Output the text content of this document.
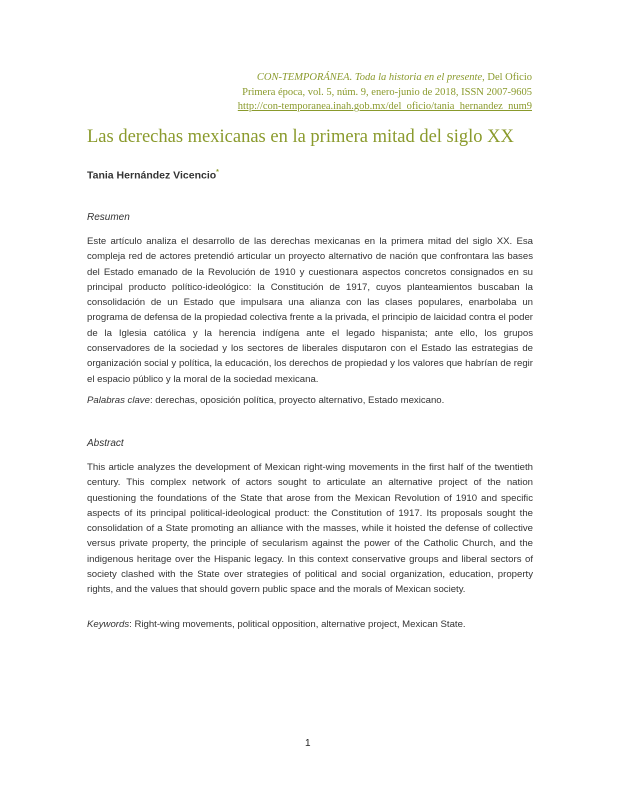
CON-TEMPORÁNEA. Toda la historia en el presente, Del Oficio
Primera época, vol. 5, núm. 9, enero-junio de 2018, ISSN 2007-9605
http://con-temporanea.inah.gob.mx/del_oficio/tania_hernandez_num9
Las derechas mexicanas en la primera mitad del siglo XX
Tania Hernández Vicencio*
Resumen

Este artículo analiza el desarrollo de las derechas mexicanas en la primera mitad del siglo XX. Esa compleja red de actores pretendió articular un proyecto alternativo de nación que confrontara las bases del Estado emanado de la Revolución de 1910 y cuestionara aspectos concretos consignados en su principal producto político-ideológico: la Constitución de 1917, cuyos planteamientos buscaban la consolidación de un Estado que impulsara una alianza con las clases populares, enarbolaba un programa de defensa de la propiedad colectiva frente a la privada, el principio de laicidad contra el poder de la Iglesia católica y la herencia indígena ante el legado hispanista; ante ello, los grupos conservadores de la sociedad y los sectores de liberales disputaron con el Estado las estrategias de organización social y política, la educación, los derechos de propiedad y los valores que habrían de regir el espacio público y la moral de la sociedad mexicana.

Palabras clave: derechas, oposición política, proyecto alternativo, Estado mexicano.

Abstract

This article analyzes the development of Mexican right-wing movements in the first half of the twentieth century. This complex network of actors sought to articulate an alternative project of the nation questioning the foundations of the State that arose from the Mexican Revolution of 1910 and specific aspects of its principal political-ideological product: the Constitution of 1917. Its proposals sought the consolidation of a State promoting an alliance with the masses, while it hoisted the defense of collective versus private property, the principle of secularism against the power of the Catholic Church, and the indigenous heritage over the Hispanic legacy. In this context conservative groups and liberal sectors of society clashed with the State over strategies of political and social organization, education, property rights, and the values that should govern public space and the morals of Mexican society.

Keywords: Right-wing movements, political opposition, alternative project, Mexican State.

1
